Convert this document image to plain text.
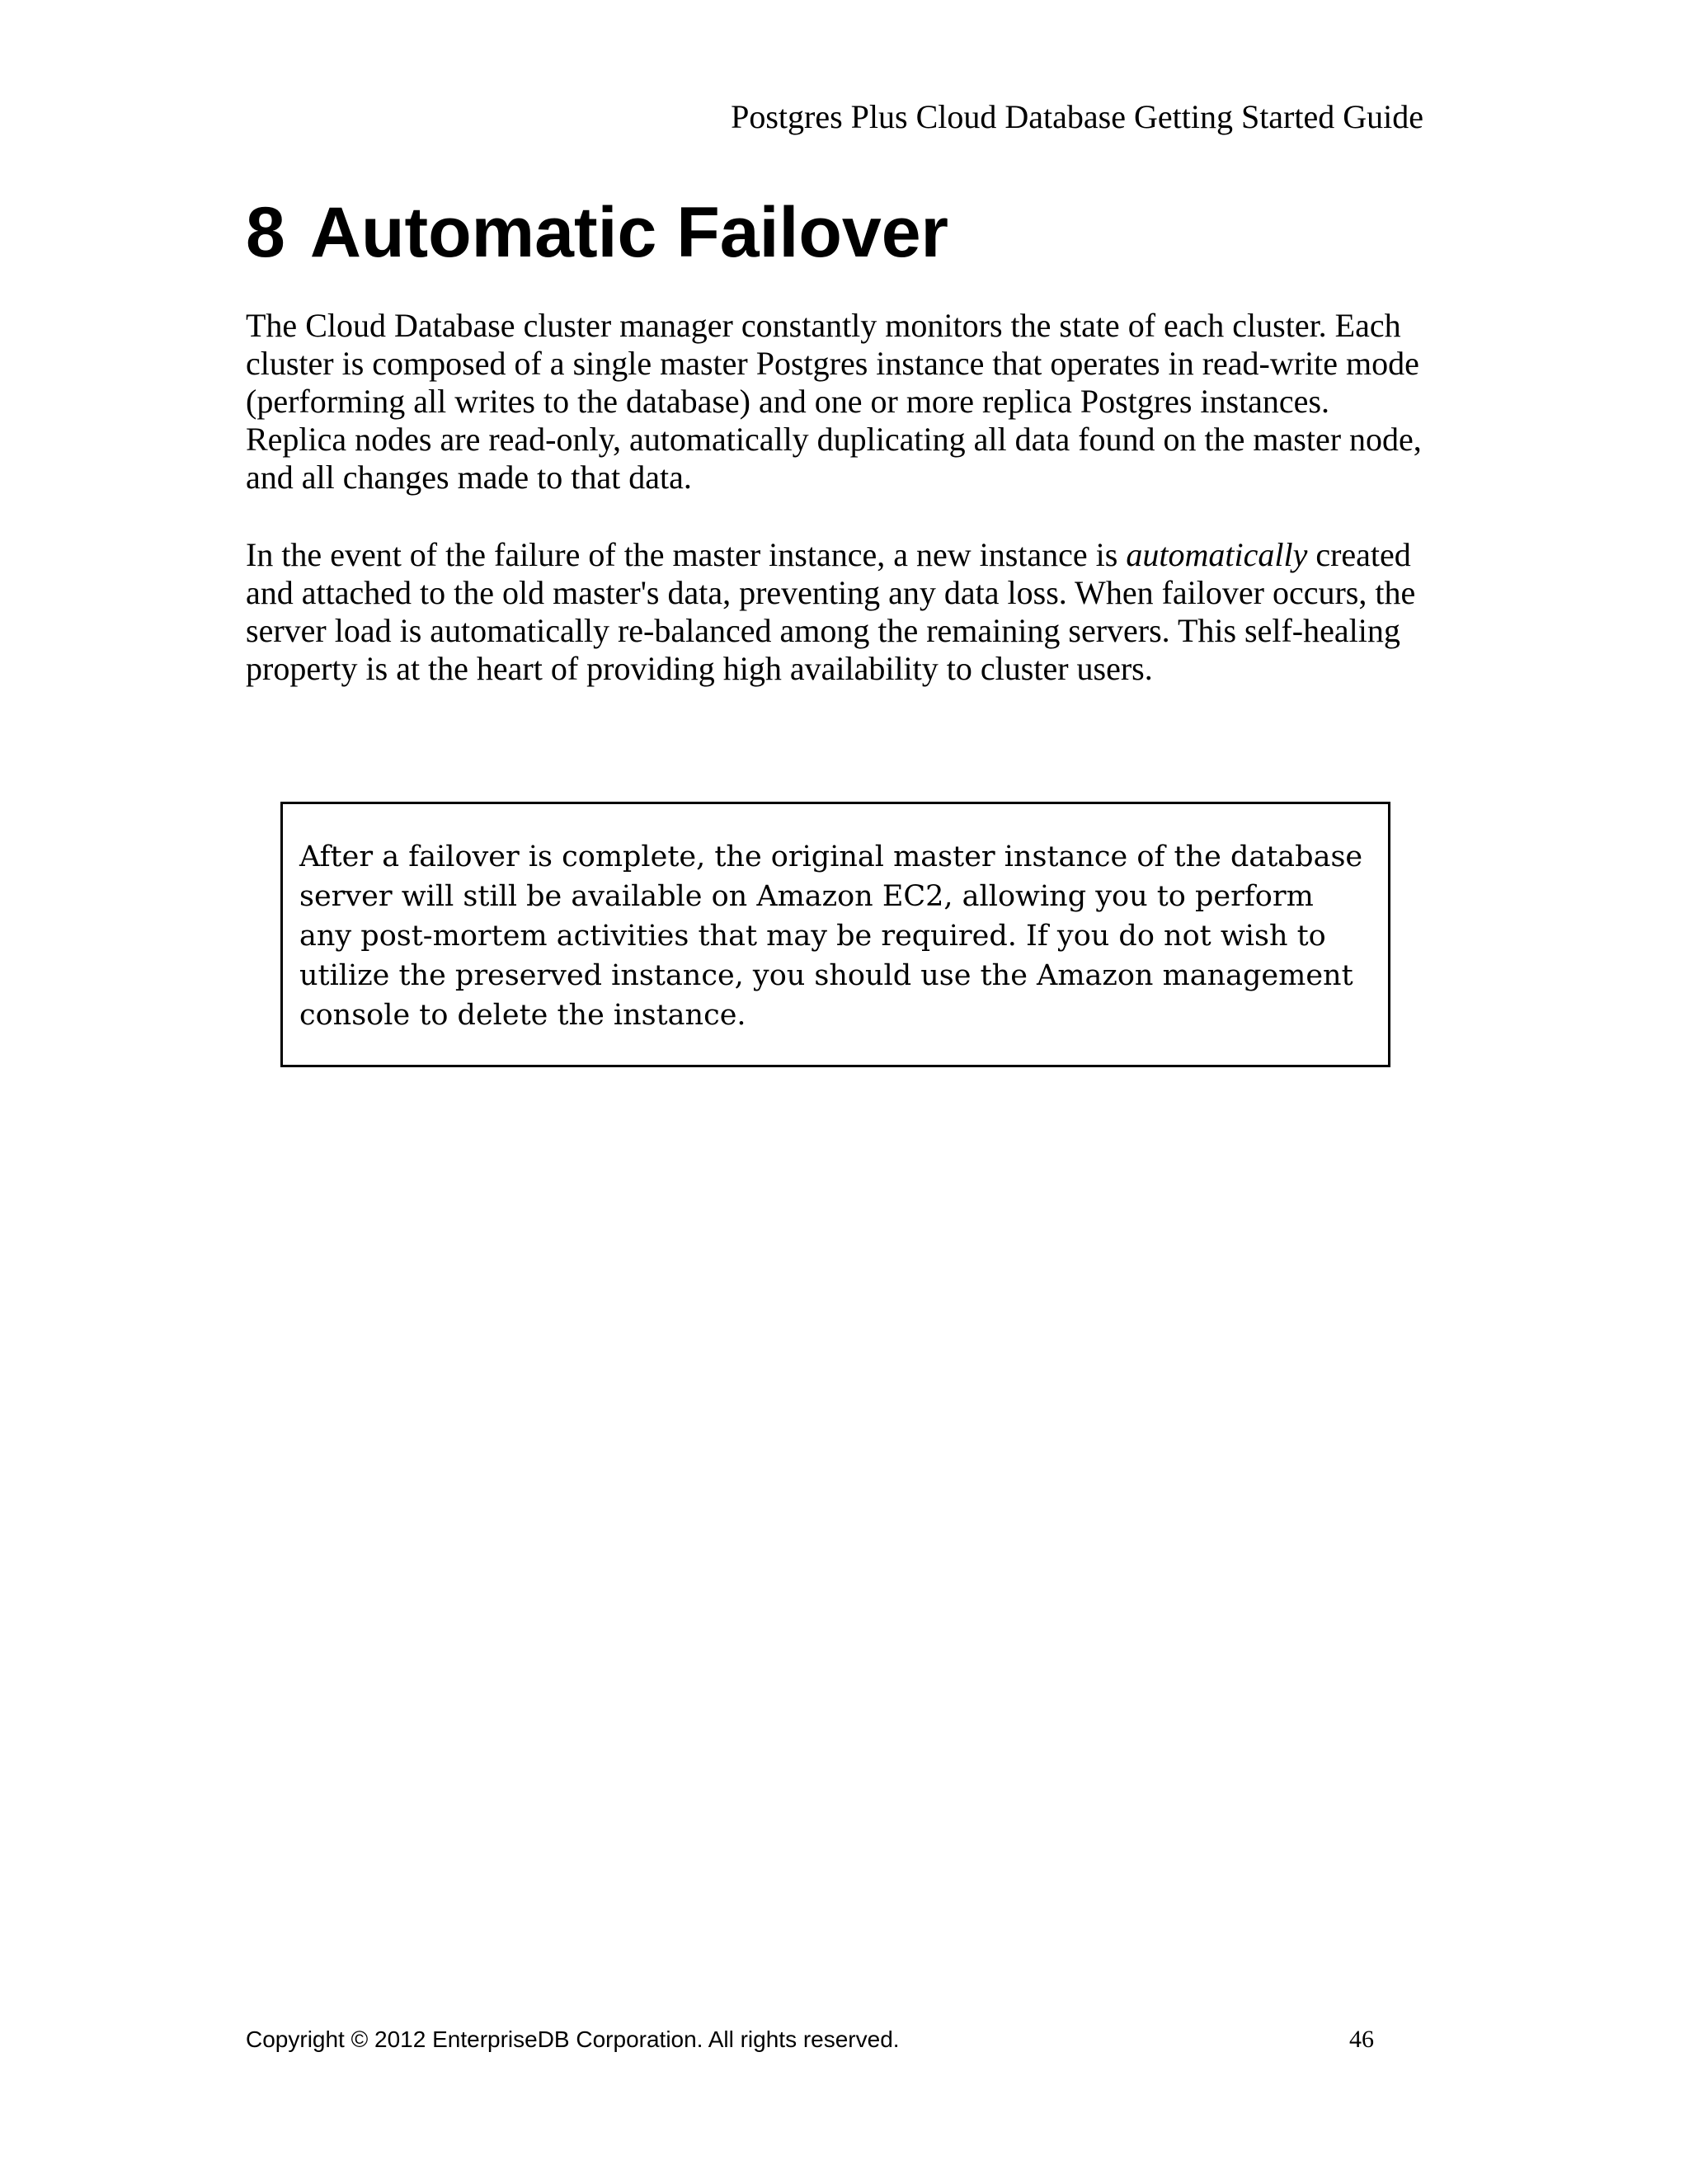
Postgres Plus Cloud Database Getting Started Guide
8 Automatic Failover

The Cloud Database cluster manager constantly monitors the state of each cluster. Each cluster is composed of a single master Postgres instance that operates in read-write mode (performing all writes to the database) and one or more replica Postgres instances. Replica nodes are read-only, automatically duplicating all data found on the master node, and all changes made to that data.

In the event of the failure of the master instance, a new instance is automatically created and attached to the old master's data, preventing any data loss. When failover occurs, the server load is automatically re-balanced among the remaining servers. This self-healing property is at the heart of providing high availability to cluster users.

After a failover is complete, the original master instance of the database server will still be available on Amazon EC2, allowing you to perform any post-mortem activities that may be required. If you do not wish to utilize the preserved instance, you should use the Amazon management console to delete the instance.

Copyright © 2012 EnterpriseDB Corporation. All rights reserved.	46
